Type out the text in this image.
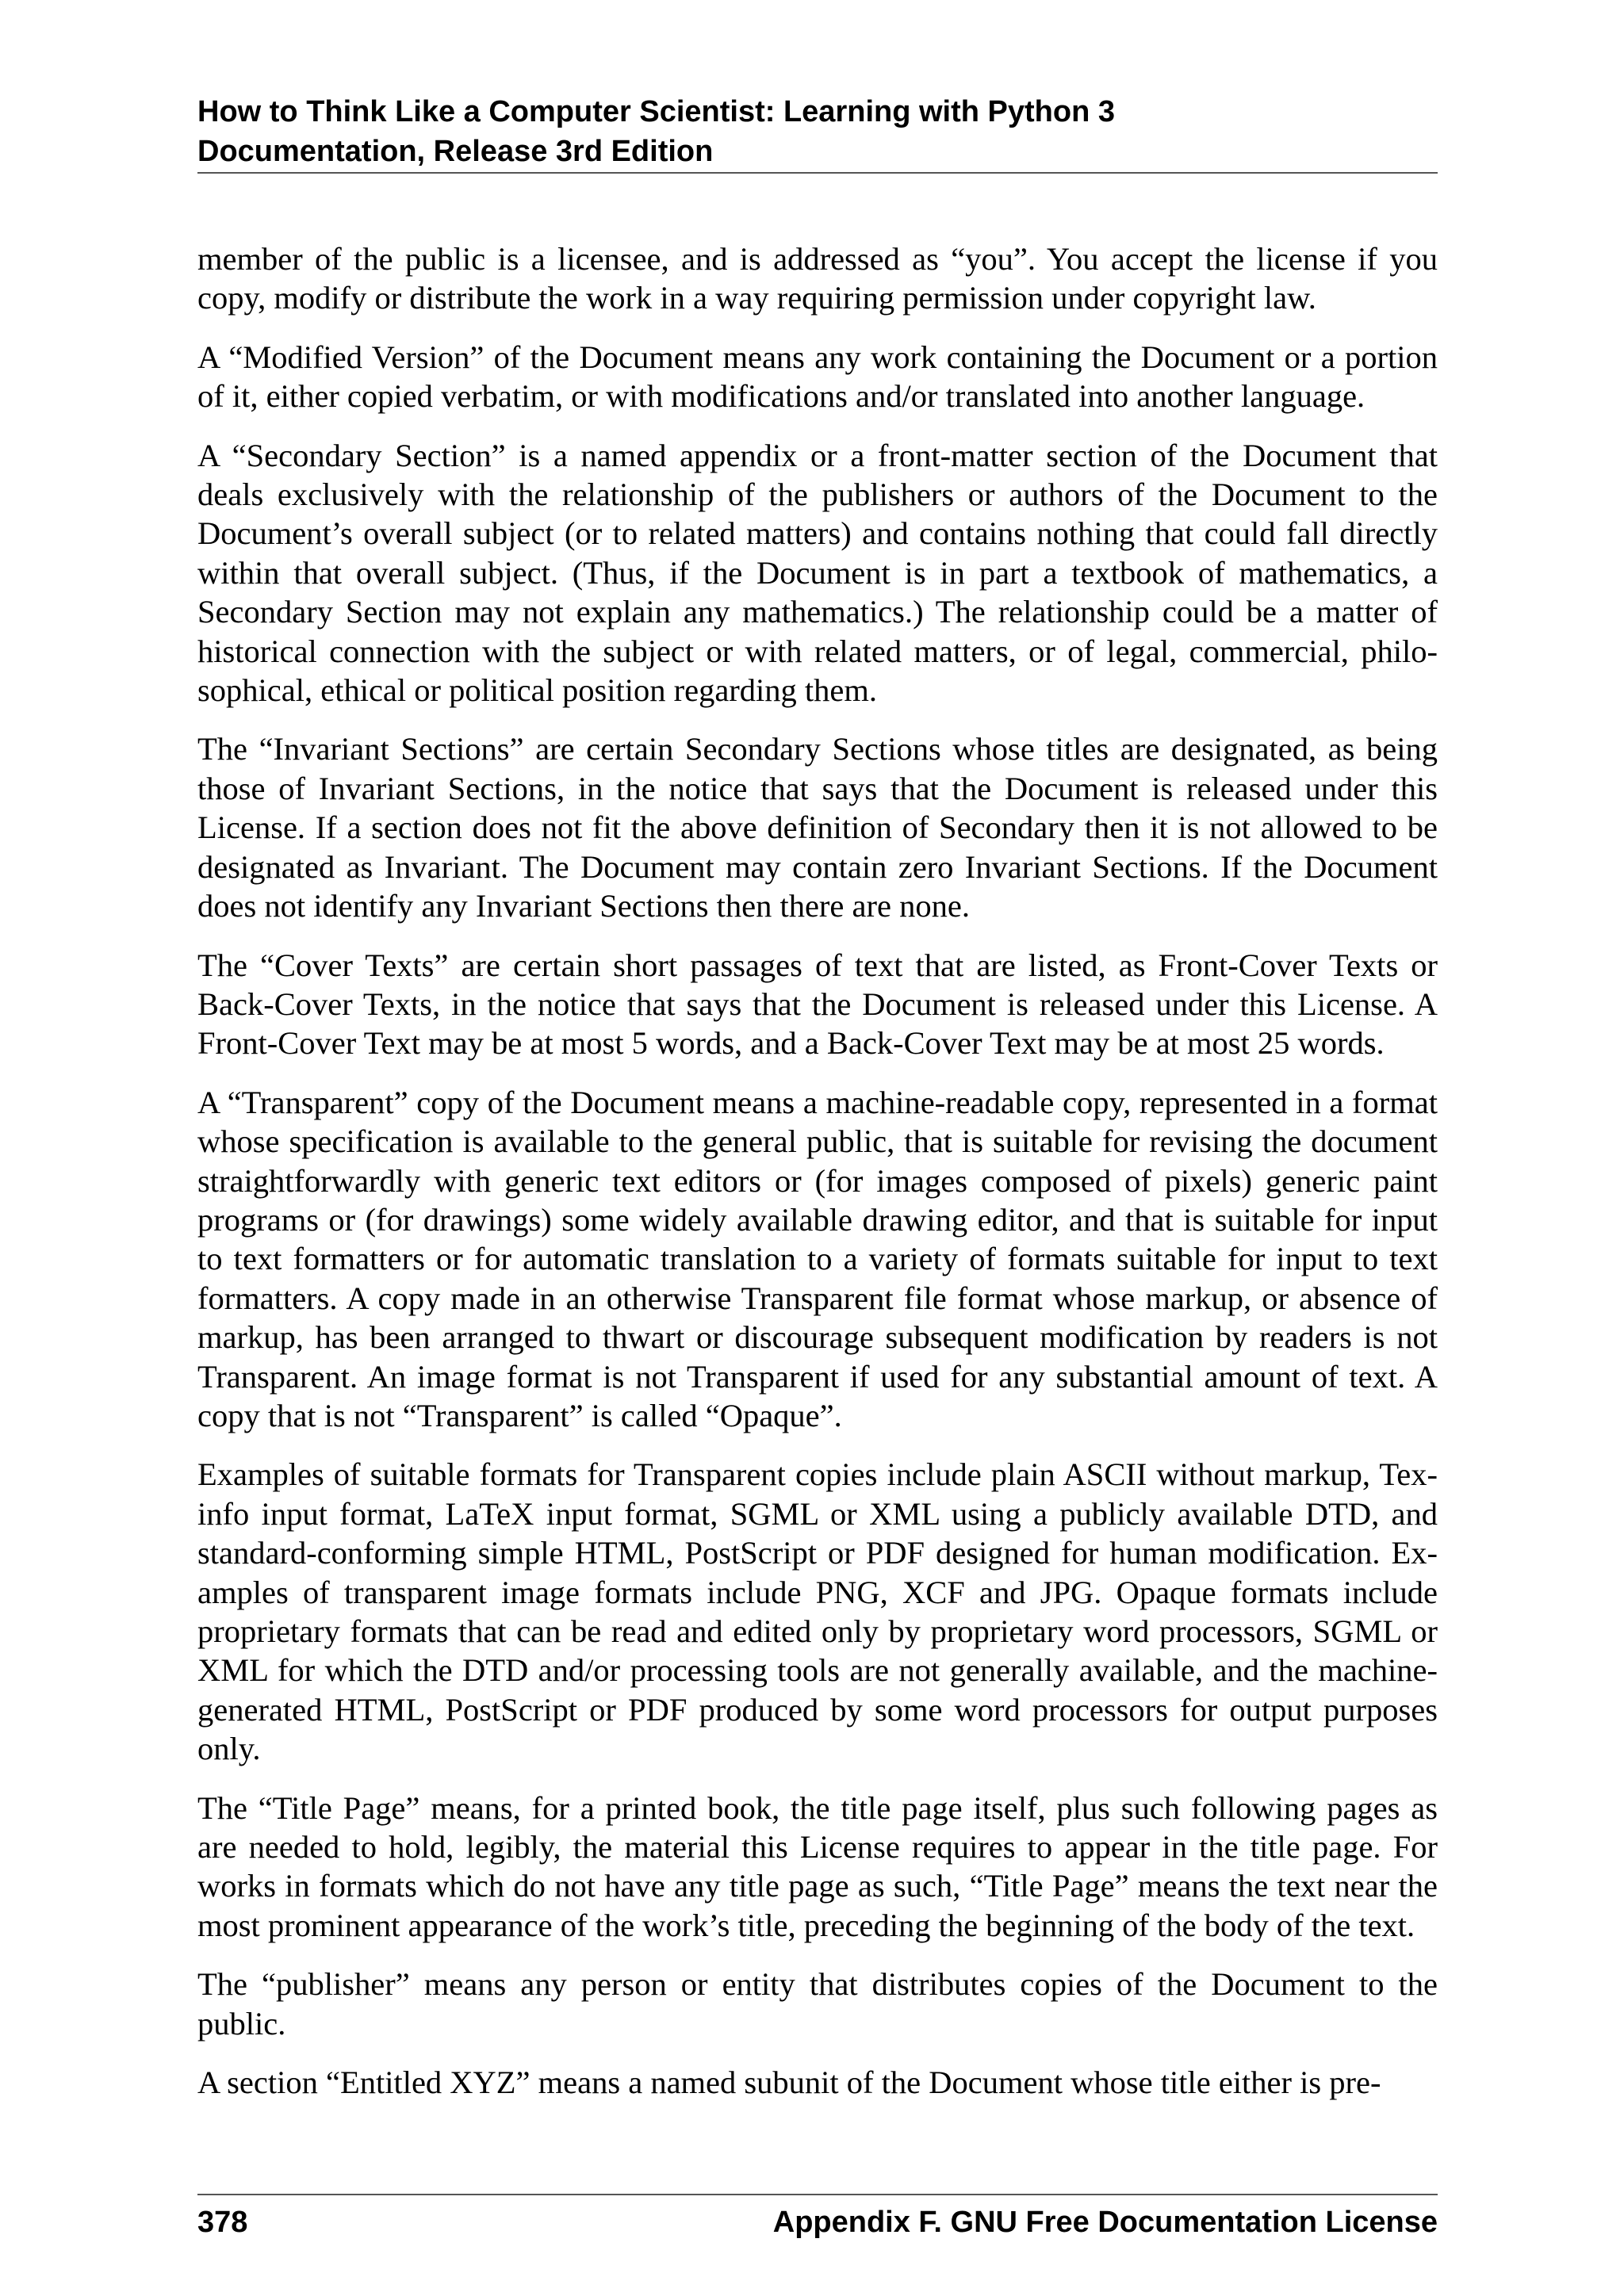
How to Think Like a Computer Scientist: Learning with Python 3
Documentation, Release 3rd Edition

member of the public is a licensee, and is addressed as “you”. You accept the license if you copy, modify or distribute the work in a way requiring permission under copyright law.

A “Modified Version” of the Document means any work containing the Document or a portion of it, either copied verbatim, or with modifications and/or translated into another language.

A “Secondary Section” is a named appendix or a front-matter section of the Document that deals exclusively with the relationship of the publishers or authors of the Document to the Document’s overall subject (or to related matters) and contains nothing that could fall directly within that overall subject. (Thus, if the Document is in part a textbook of mathematics, a Secondary Section may not explain any mathematics.) The relationship could be a matter of historical connection with the subject or with related matters, or of legal, commercial, philosophical, ethical or political position regarding them.

The “Invariant Sections” are certain Secondary Sections whose titles are designated, as being those of Invariant Sections, in the notice that says that the Document is released under this License. If a section does not fit the above definition of Secondary then it is not allowed to be designated as Invariant. The Document may contain zero Invariant Sections. If the Document does not identify any Invariant Sections then there are none.

The “Cover Texts” are certain short passages of text that are listed, as Front-Cover Texts or Back-Cover Texts, in the notice that says that the Document is released under this License. A Front-Cover Text may be at most 5 words, and a Back-Cover Text may be at most 25 words.

A “Transparent” copy of the Document means a machine-readable copy, represented in a format whose specification is available to the general public, that is suitable for revising the document straightforwardly with generic text editors or (for images composed of pixels) generic paint programs or (for drawings) some widely available drawing editor, and that is suitable for input to text formatters or for automatic translation to a variety of formats suitable for input to text formatters. A copy made in an otherwise Transparent file format whose markup, or absence of markup, has been arranged to thwart or discourage subsequent modification by readers is not Transparent. An image format is not Transparent if used for any substantial amount of text. A copy that is not “Transparent” is called “Opaque”.

Examples of suitable formats for Transparent copies include plain ASCII without markup, Texinfo input format, LaTeX input format, SGML or XML using a publicly available DTD, and standard-conforming simple HTML, PostScript or PDF designed for human modification. Examples of transparent image formats include PNG, XCF and JPG. Opaque formats include proprietary formats that can be read and edited only by proprietary word processors, SGML or XML for which the DTD and/or processing tools are not generally available, and the machine-generated HTML, PostScript or PDF produced by some word processors for output purposes only.

The “Title Page” means, for a printed book, the title page itself, plus such following pages as are needed to hold, legibly, the material this License requires to appear in the title page. For works in formats which do not have any title page as such, “Title Page” means the text near the most prominent appearance of the work’s title, preceding the beginning of the body of the text.

The “publisher” means any person or entity that distributes copies of the Document to the public.

A section “Entitled XYZ” means a named subunit of the Document whose title either is pre-

378	Appendix F. GNU Free Documentation License
